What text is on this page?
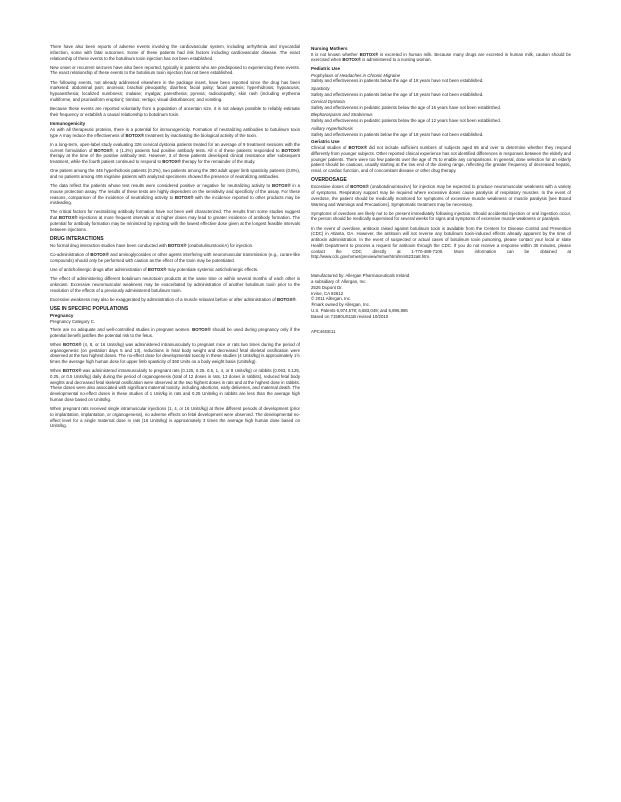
There have also been reports of adverse events involving the cardiovascular system, including arrhythmia and myocardial infarction, some with fatal outcomes. Some of these patients had risk factors including cardiovascular disease. The exact relationship of these events to the botulinum toxin injection has not been established.

New onset or recurrent seizures have also been reported, typically in patients who are predisposed to experiencing these events. The exact relationship of these events to the botulinum toxin injection has not been established.

The following events, not already addressed elsewhere in the package insert, have been reported since the drug has been marketed: abdominal pain; anorexia; brachial plexopathy; diarrhea; facial palsy; facial paresis; hyperhidrosis; hypoacusis; hypoaesthesia; localized numbness; malaise; myalgia; paresthesia; pyrexia; radiculopathy; skin rash (including erythema multiforme, and psoriasiform eruption); tinnitus; vertigo; visual disturbances; and vomiting.

Because these events are reported voluntarily from a population of uncertain size, it is not always possible to reliably estimate their frequency or establish a causal relationship to botulinum toxin.

Immunogenicity

As with all therapeutic proteins, there is a potential for immunogenicity. Formation of neutralizing antibodies to botulinum toxin type A may reduce the effectiveness of BOTOX® treatment by inactivating the biological activity of the toxin.

In a long-term, open-label study evaluating 326 cervical dystonia patients treated for an average of 9 treatment sessions with the current formulation of BOTOX®, 4 (1.2%) patients had positive antibody tests. All 4 of these patients responded to BOTOX® therapy at the time of the positive antibody test. However, 3 of these patients developed clinical resistance after subsequent treatment, while the fourth patient continued to respond to BOTOX® therapy for the remainder of the study.

One patient among the 445 hyperhidrosis patients (0.2%), two patients among the 380 adult upper limb spasticity patients (0.5%), and no patients among 406 migraine patients with analyzed specimens showed the presence of neutralizing antibodies.

The data reflect the patients whose test results were considered positive or negative for neutralizing activity to BOTOX® in a mouse protection assay. The results of these tests are highly dependent on the sensitivity and specificity of the assay. For these reasons, comparison of the incidence of neutralizing activity to BOTOX® with the incidence reported to other products may be misleading.

The critical factors for neutralizing antibody formation have not been well characterized. The results from some studies suggest that BOTOX® injections at more frequent intervals or at higher doses may lead to greater incidence of antibody formation. The potential for antibody formation may be minimized by injecting with the lowest effective dose given at the longest feasible intervals between injections.

DRUG INTERACTIONS

No formal drug interaction studies have been conducted with BOTOX® (onabotulinumtoxinA) for injection.

Co-administration of BOTOX® and aminoglycosides or other agents interfering with neuromuscular transmission (e.g., curare-like compounds) should only be performed with caution as the effect of the toxin may be potentiated.

Use of anticholinergic drugs after administration of BOTOX® may potentiate systemic anticholinergic effects.

The effect of administering different botulinum neurotoxin products at the same time or within several months of each other is unknown. Excessive neuromuscular weakness may be exacerbated by administration of another botulinum toxin prior to the resolution of the effects of a previously administered botulinum toxin.

Excessive weakness may also be exaggerated by administration of a muscle relaxant before or after administration of BOTOX®.

USE IN SPECIFIC POPULATIONS
Pregnancy

Pregnancy Category C.

There are no adequate and well-controlled studies in pregnant women. BOTOX® should be used during pregnancy only if the potential benefit justifies the potential risk to the fetus.

When BOTOX® (4, 8, or 16 Units/kg) was administered intramuscularly to pregnant mice or rats two times during the period of organogenesis (on gestation days 5 and 13), reductions in fetal body weight and decreased fetal skeletal ossification were observed at the two highest doses. The no-effect dose for developmental toxicity in these studies (4 Units/kg) is approximately 1½ times the average high human dose for upper limb spasticity of 360 Units on a body weight basis (Units/kg).

When BOTOX® was administered intramuscularly to pregnant rats (0.125, 0.25, 0.5, 1, 4, or 8 Units/kg) or rabbits (0.063, 0.125, 0.25, or 0.5 Units/kg) daily during the period of organogenesis (total of 12 doses in rats, 13 doses in rabbits), reduced fetal body weights and decreased fetal skeletal ossification were observed at the two highest doses in rats and at the highest dose in rabbits. These doses were also associated with significant maternal toxicity, including abortions, early deliveries, and maternal death. The developmental no-effect doses in these studies of 1 Unit/kg in rats and 0.25 Units/kg in rabbits are less than the average high human dose based on Units/kg.

When pregnant rats received single intramuscular injections (1, 4, or 16 Units/kg) at three different periods of development (prior to implantation, implantation, or organogenesis), no adverse effects on fetal development were observed. The developmental no-effect level for a single maternal dose in rats (16 Units/kg) is approximately 3 times the average high human dose based on Units/kg.

Nursing Mothers

It is not known whether BOTOX® is excreted in human milk. Because many drugs are excreted in human milk, caution should be exercised when BOTOX® is administered to a nursing woman.

Pediatric Use

Prophylaxis of Headaches in Chronic Migraine

Safety and effectiveness in patients below the age of 18 years have not been established.

Spasticity

Safety and effectiveness in patients below the age of 18 years have not been established.

Cervical Dystonia

Safety and effectiveness in pediatric patients below the age of 16 years have not been established.

Blepharospasm and Strabismus

Safety and effectiveness in pediatric patients below the age of 12 years have not been established.

Axillary Hyperhidrosis

Safety and effectiveness in patients below the age of 18 years have not been established.

Geriatric Use

Clinical studies of BOTOX® did not include sufficient numbers of subjects aged 65 and over to determine whether they respond differently from younger subjects. Other reported clinical experience has not identified differences in responses between the elderly and younger patients. There were too few patients over the age of 75 to enable any comparisons. In general, dose selection for an elderly patient should be cautious, usually starting at the low end of the dosing range, reflecting the greater frequency of decreased hepatic, renal, or cardiac function, and of concomitant disease or other drug therapy.

OVERDOSAGE

Excessive doses of BOTOX® (onabotulinumtoxinA) for injection may be expected to produce neuromuscular weakness with a variety of symptoms. Respiratory support may be required where excessive doses cause paralysis of respiratory muscles. In the event of overdose, the patient should be medically monitored for symptoms of excessive muscle weakness or muscle paralysis [see Boxed Warning and Warnings and Precautions]. Symptomatic treatment may be necessary.

Symptoms of overdose are likely not to be present immediately following injection. Should accidental injection or oral ingestion occur, the person should be medically supervised for several weeks for signs and symptoms of excessive muscle weakness or paralysis.

In the event of overdose, antitoxin raised against botulinum toxin is available from the Centers for Disease Control and Prevention (CDC) in Atlanta, GA. However, the antitoxin will not reverse any botulinum toxin-induced effects already apparent by the time of antitoxin administration. In the event of suspected or actual cases of botulinum toxin poisoning, please contact your local or state Health Department to process a request for antitoxin through the CDC. If you do not receive a response within 30 minutes, please contact the CDC directly at 1-770-488-7100. More information can be obtained at http://www.cdc.gov/mmwr/preview/mmwrhtml/mm5232a8.htm.

Manufactured by: Allergan Pharmaceuticals Ireland

a subsidiary of: Allergan, Inc.

2525 Dupont Dr.

Irvine, CA 92612

© 2011 Allergan, Inc.

®mark owned by Allergan, Inc.

U.S. Patents 6,974,578; 6,683,049; and 6,896,886

Based on 71580US11B revised 10/2010

APC46GE11
